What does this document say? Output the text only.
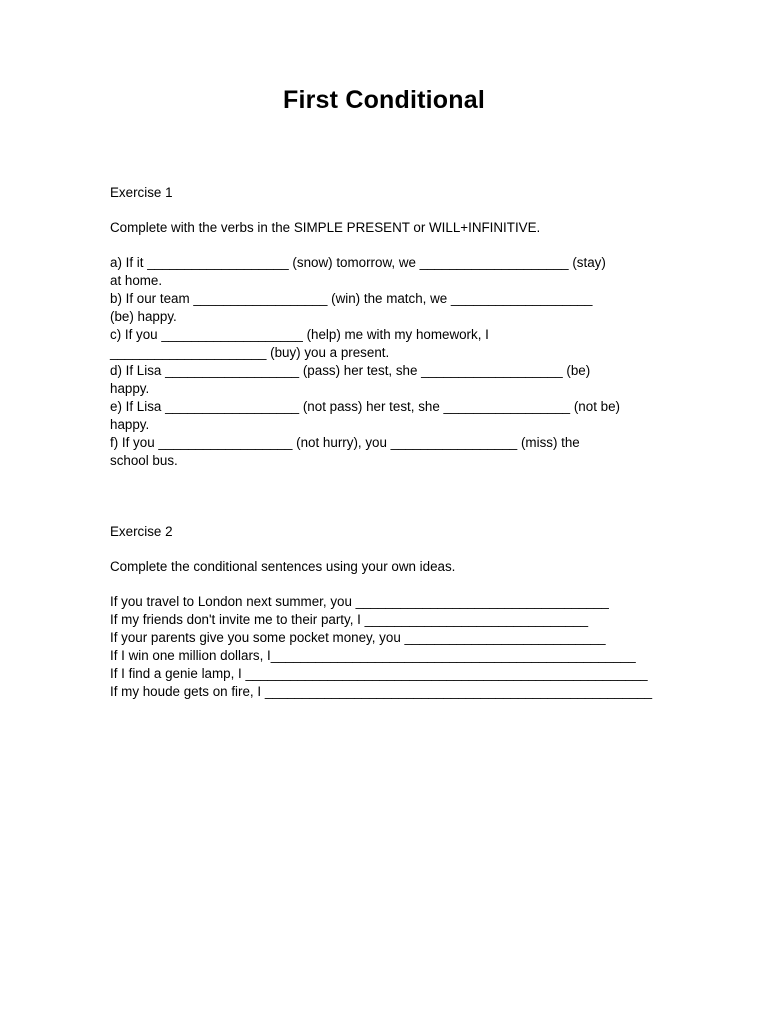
First Conditional

Exercise 1

Complete with the verbs in the SIMPLE PRESENT or WILL+INFINITIVE.

a) If it ___________________ (snow) tomorrow, we ____________________ (stay)

at home.

b) If our team __________________ (win) the match, we ___________________

(be) happy.

c) If you ___________________ (help) me with my homework, I

_____________________ (buy) you a present.

d) If Lisa __________________ (pass) her test, she ___________________ (be)

happy.

e) If Lisa __________________ (not pass) her test, she _________________ (not be)

happy.

f) If you __________________ (not hurry), you _________________ (miss) the

school bus.

Exercise 2

Complete the conditional sentences using your own ideas.

If you travel to London next summer, you __________________________________

If my friends don't invite me to their party, I ______________________________

If your parents give you some pocket money, you ___________________________

If I win one million dollars, I_________________________________________________

If I find a genie lamp, I ______________________________________________________

If my houde gets on fire, I ____________________________________________________
